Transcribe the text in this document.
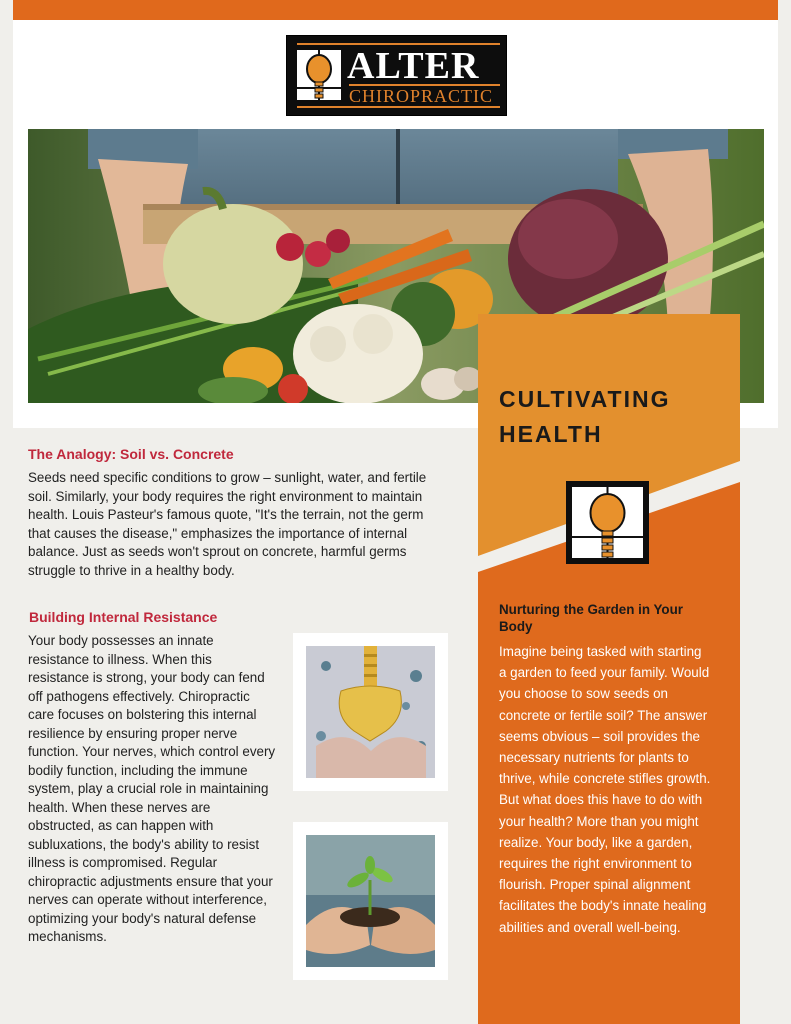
ALTER
CHIROPRACTIC
The Analogy: Soil vs. Concrete

Seeds need specific conditions to grow – sunlight, water, and fertile soil. Similarly, your body requires the right environment to maintain health. Louis Pasteur's famous quote, "It's the terrain, not the germ that causes the disease," emphasizes the importance of internal balance. Just as seeds won't sprout on concrete, harmful germs struggle to thrive in a healthy body.

Building Internal Resistance

Your body possesses an innate resistance to illness. When this resistance is strong, your body can fend off pathogens effectively. Chiropractic care focuses on bolstering this internal resilience by ensuring proper nerve function. Your nerves, which control every bodily function, including the immune system, play a crucial role in maintaining health. When these nerves are obstructed, as can happen with subluxations, the body's ability to resist illness is compromised. Regular chiropractic adjustments ensure that your nerves can operate without interference, optimizing your body's natural defense mechanisms.

CULTIVATING
HEALTH
Nurturing the Garden in Your Body

Imagine being tasked with starting a garden to feed your family. Would you choose to sow seeds on concrete or fertile soil? The answer seems obvious – soil provides the necessary nutrients for plants to thrive, while concrete stifles growth. But what does this have to do with your health? More than you might realize. Your body, like a garden, requires the right environment to flourish. Proper spinal alignment facilitates the body's innate healing abilities and overall well-being.
